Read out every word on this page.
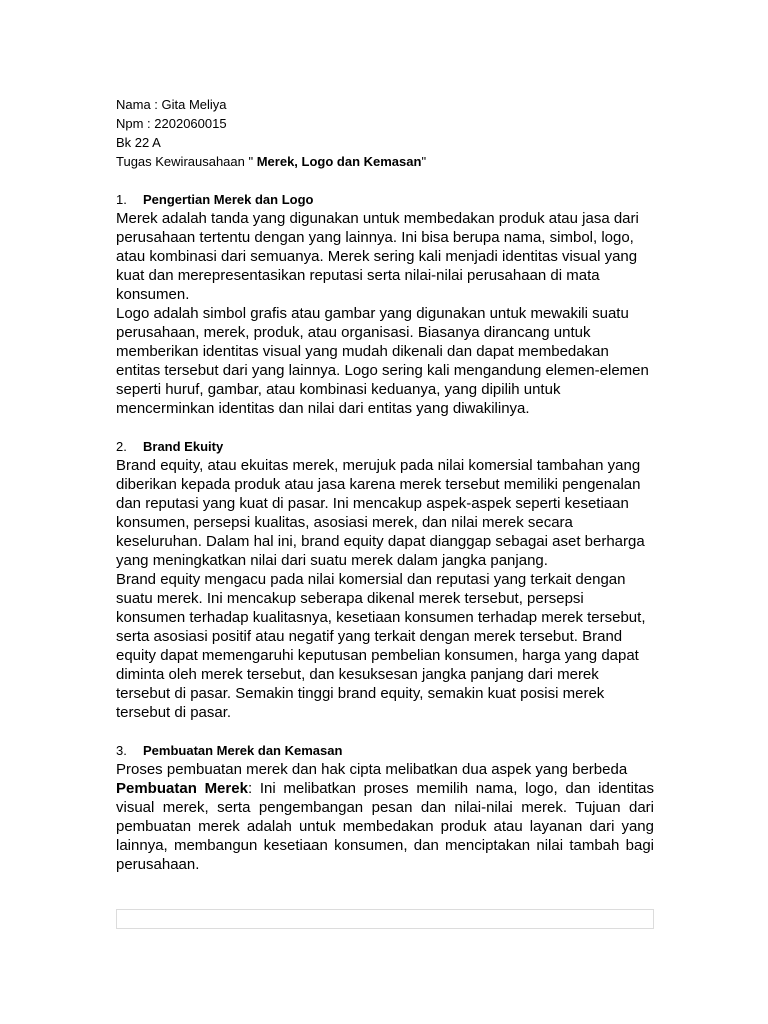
Nama : Gita Meliya

Npm : 2202060015

Bk 22 A

Tugas Kewirausahaan " Merek, Logo dan Kemasan"

1.	Pengertian Merek dan Logo

Merek adalah tanda yang digunakan untuk membedakan produk atau jasa dari perusahaan tertentu dengan yang lainnya. Ini bisa berupa nama, simbol, logo, atau kombinasi dari semuanya. Merek sering kali menjadi identitas visual yang kuat dan merepresentasikan reputasi serta nilai-nilai perusahaan di mata konsumen.

Logo adalah simbol grafis atau gambar yang digunakan untuk mewakili suatu perusahaan, merek, produk, atau organisasi. Biasanya dirancang untuk memberikan identitas visual yang mudah dikenali dan dapat membedakan entitas tersebut dari yang lainnya. Logo sering kali mengandung elemen-elemen seperti huruf, gambar, atau kombinasi keduanya, yang dipilih untuk mencerminkan identitas dan nilai dari entitas yang diwakilinya.

2.	Brand Ekuity

Brand equity, atau ekuitas merek, merujuk pada nilai komersial tambahan yang diberikan kepada produk atau jasa karena merek tersebut memiliki pengenalan dan reputasi yang kuat di pasar. Ini mencakup aspek-aspek seperti kesetiaan konsumen, persepsi kualitas, asosiasi merek, dan nilai merek secara keseluruhan. Dalam hal ini, brand equity dapat dianggap sebagai aset berharga yang meningkatkan nilai dari suatu merek dalam jangka panjang.

Brand equity mengacu pada nilai komersial dan reputasi yang terkait dengan suatu merek. Ini mencakup seberapa dikenal merek tersebut, persepsi konsumen terhadap kualitasnya, kesetiaan konsumen terhadap merek tersebut, serta asosiasi positif atau negatif yang terkait dengan merek tersebut. Brand equity dapat memengaruhi keputusan pembelian konsumen, harga yang dapat diminta oleh merek tersebut, dan kesuksesan jangka panjang dari merek tersebut di pasar. Semakin tinggi brand equity, semakin kuat posisi merek tersebut di pasar.

3.	Pembuatan Merek dan Kemasan

Proses pembuatan merek dan hak cipta melibatkan dua aspek yang berbeda

Pembuatan Merek: Ini melibatkan proses memilih nama, logo, dan identitas visual merek, serta pengembangan pesan dan nilai-nilai merek. Tujuan dari pembuatan merek adalah untuk membedakan produk atau layanan dari yang lainnya, membangun kesetiaan konsumen, dan menciptakan nilai tambah bagi perusahaan.
